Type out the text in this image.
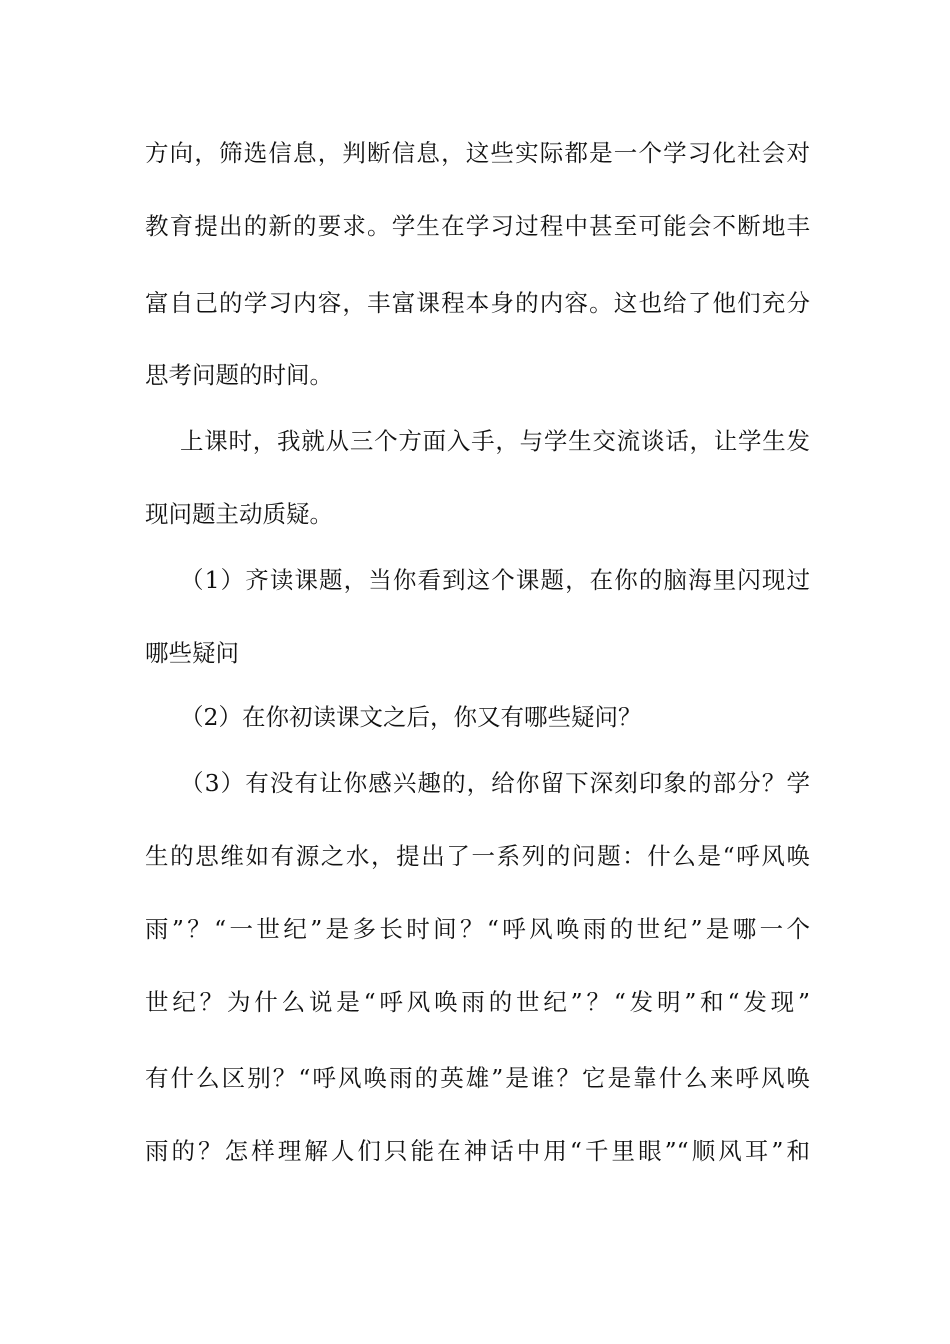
方向，筛选信息，判断信息，这些实际都是一个学习化社会对
教育提出的新的要求。学生在学习过程中甚至可能会不断地丰
富自己的学习内容，丰富课程本身的内容。这也给了他们充分
思考问题的时间。
上课时，我就从三个方面入手，与学生交流谈话，让学生发
现问题主动质疑。
（1）齐读课题，当你看到这个课题，在你的脑海里闪现过
哪些疑问
（2）在你初读课文之后，你又有哪些疑问？
（3）有没有让你感兴趣的，给你留下深刻印象的部分？学
生的思维如有源之水，提出了一系列的问题：什么是“呼风唤
雨”？“一世纪”是多长时间？“呼风唤雨的世纪”是哪一个
世纪？为什么说是“呼风唤雨的世纪”？“发明”和“发现”
有什么区别？“呼风唤雨的英雄”是谁？它是靠什么来呼风唤
雨的？怎样理解人们只能在神话中用“千里眼”“顺风耳”和
